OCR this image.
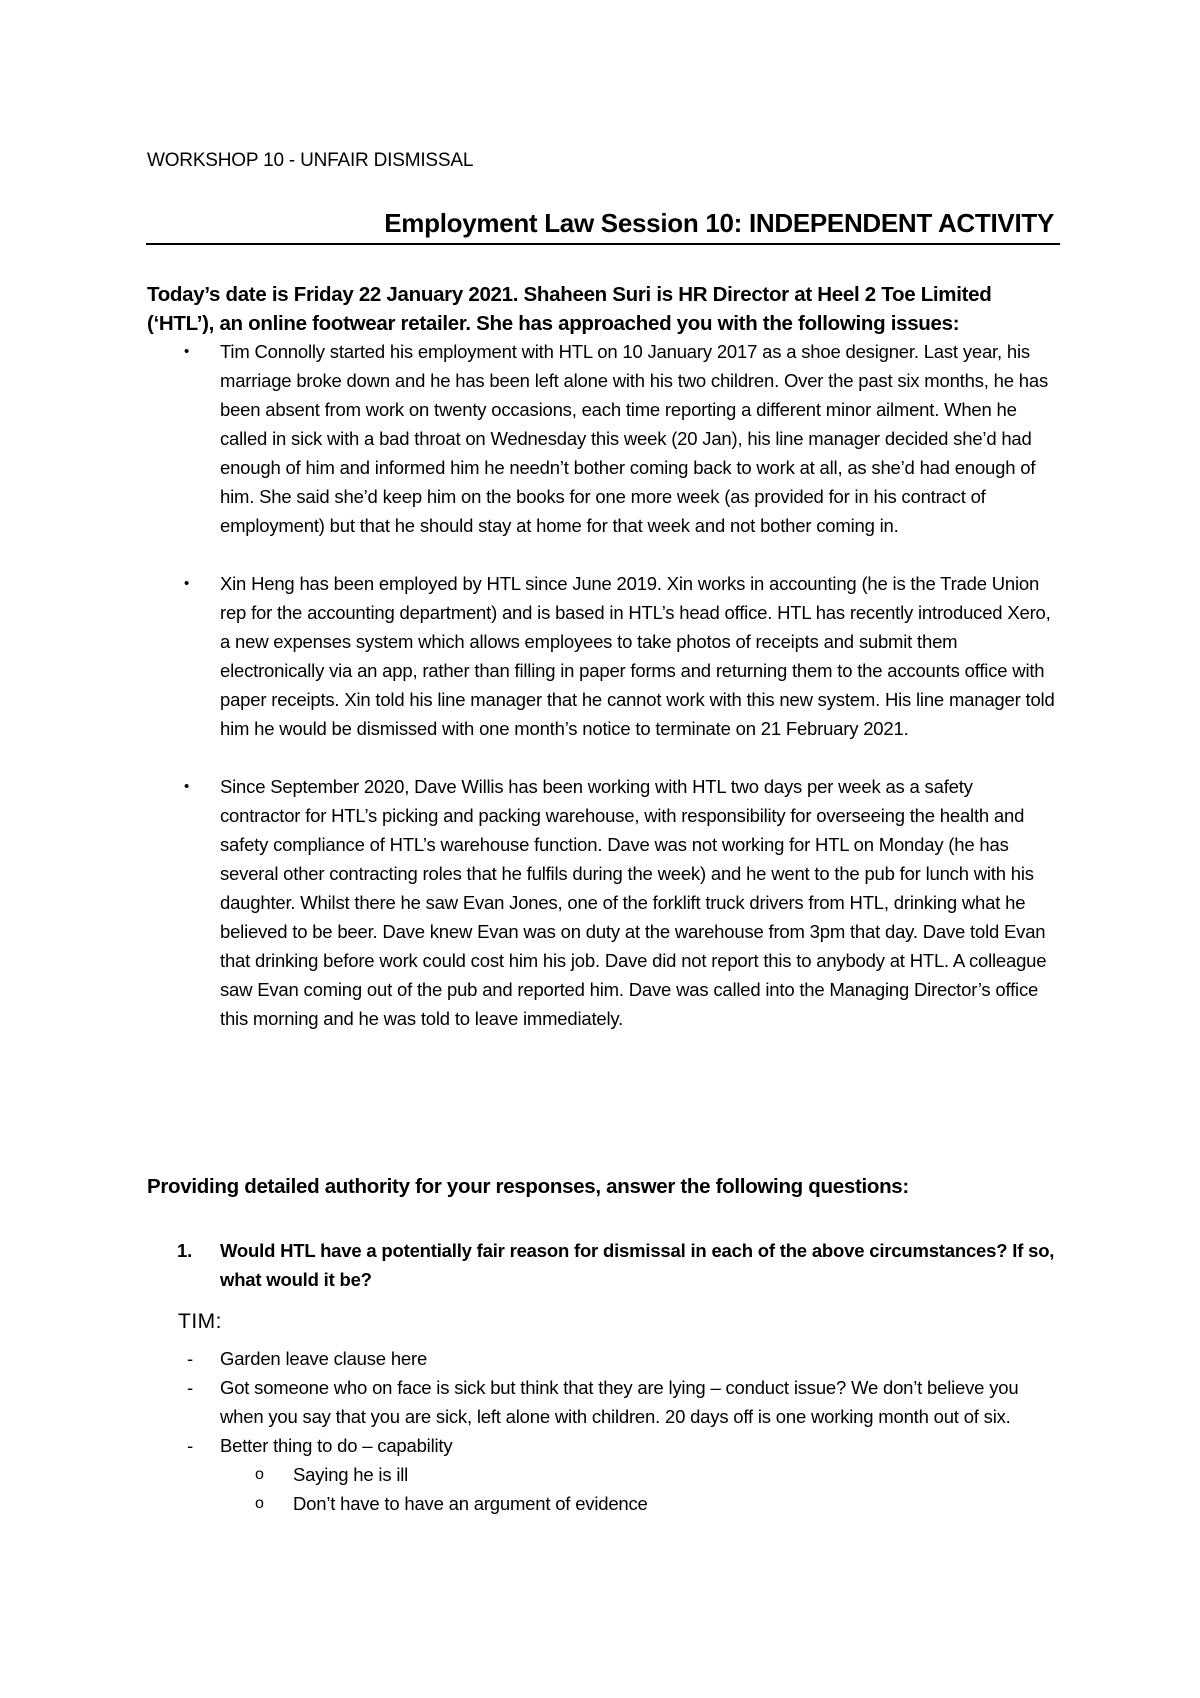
WORKSHOP 10 - UNFAIR DISMISSAL
Employment Law Session 10: INDEPENDENT ACTIVITY
Today’s date is Friday 22 January 2021. Shaheen Suri is HR Director at Heel 2 Toe Limited (‘HTL’), an online footwear retailer. She has approached you with the following issues:
• Tim Connolly started his employment with HTL on 10 January 2017 as a shoe designer. Last year, his marriage broke down and he has been left alone with his two children. Over the past six months, he has been absent from work on twenty occasions, each time reporting a different minor ailment. When he called in sick with a bad throat on Wednesday this week (20 Jan), his line manager decided she’d had enough of him and informed him he needn’t bother coming back to work at all, as she’d had enough of him. She said she’d keep him on the books for one more week (as provided for in his contract of employment) but that he should stay at home for that week and not bother coming in.
• Xin Heng has been employed by HTL since June 2019. Xin works in accounting (he is the Trade Union rep for the accounting department) and is based in HTL’s head office. HTL has recently introduced Xero, a new expenses system which allows employees to take photos of receipts and submit them electronically via an app, rather than filling in paper forms and returning them to the accounts office with paper receipts. Xin told his line manager that he cannot work with this new system. His line manager told him he would be dismissed with one month’s notice to terminate on 21 February 2021.
• Since September 2020, Dave Willis has been working with HTL two days per week as a safety contractor for HTL’s picking and packing warehouse, with responsibility for overseeing the health and safety compliance of HTL’s warehouse function. Dave was not working for HTL on Monday (he has several other contracting roles that he fulfils during the week) and he went to the pub for lunch with his daughter. Whilst there he saw Evan Jones, one of the forklift truck drivers from HTL, drinking what he believed to be beer. Dave knew Evan was on duty at the warehouse from 3pm that day. Dave told Evan that drinking before work could cost him his job. Dave did not report this to anybody at HTL. A colleague saw Evan coming out of the pub and reported him. Dave was called into the Managing Director’s office this morning and he was told to leave immediately.
Providing detailed authority for your responses, answer the following questions:
1. Would HTL have a potentially fair reason for dismissal in each of the above circumstances? If so, what would it be?
TIM:
- Garden leave clause here
- Got someone who on face is sick but think that they are lying – conduct issue? We don’t believe you when you say that you are sick, left alone with children. 20 days off is one working month out of six.
- Better thing to do – capability
o Saying he is ill
o Don’t have to have an argument of evidence
